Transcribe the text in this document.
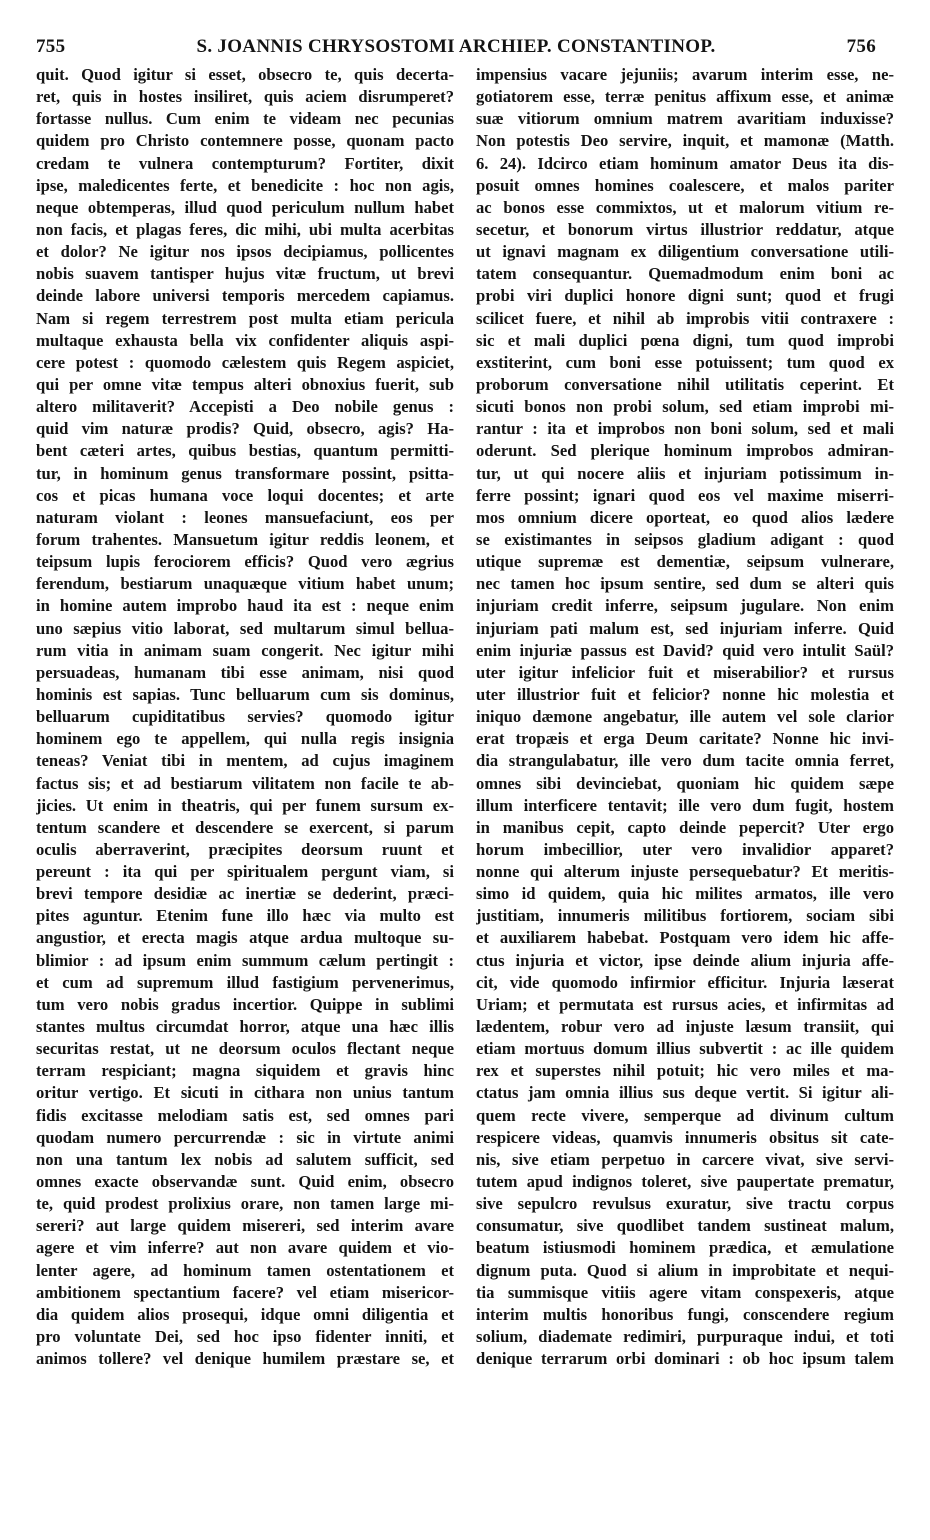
755	S. JOANNIS CHRYSOSTOMI ARCHIEP. CONSTANTINOP.	756
quit. Quod igitur si esset, obsecro te, quis decerta-
ret, quis in hostes insiliret, quis aciem disrumperet?
fortasse nullus. Cum enim te videam nec pecunias
quidem pro Christo contemnere posse, quonam pacto
credam te vulnera contempturum? Fortiter, dixit
ipse, maledicentes ferte, et benedicite : hoc non agis,
neque obtemperas, illud quod periculum nullum habet
non facis, et plagas feres, dic mihi, ubi multa acerbitas
et dolor? Ne igitur nos ipsos decipiamus, pollicentes
nobis suavem tantisper hujus vitæ fructum, ut brevi
deinde labore universi temporis mercedem capiamus.
Nam si regem terrestrem post multa etiam pericula
multaque exhausta bella vix confidenter aliquis aspi-
cere potest : quomodo cælestem quis Regem aspiciet,
qui per omne vitæ tempus alteri obnoxius fuerit, sub
altero militaverit? Accepisti a Deo nobile genus :
quid vim naturæ prodis? Quid, obsecro, agis? Ha-
bent cæteri artes, quibus bestias, quantum permitti-
tur, in hominum genus transformare possint, psitta-
cos et picas humana voce loqui docentes; et arte
naturam violant : leones mansuefaciunt, eos per
forum trahentes. Mansuetum igitur reddis leonem, et
teipsum lupis ferociorem efficis? Quod vero ægrius
ferendum, bestiarum unaquæque vitium habet unum;
in homine autem improbo haud ita est : neque enim
uno sæpius vitio laborat, sed multarum simul bellua-
rum vitia in animam suam congerit. Nec igitur mihi
persuadeas, humanam tibi esse animam, nisi quod
hominis est sapias. Tunc belluarum cum sis dominus,
belluarum cupiditatibus servies? quomodo igitur
hominem ego te appellem, qui nulla regis insignia
teneas? Veniat tibi in mentem, ad cujus imaginem
factus sis; et ad bestiarum vilitatem non facile te ab-
jicies. Ut enim in theatris, qui per funem sursum ex-
tentum scandere et descendere se exercent, si parum
oculis aberraverint, præcipites deorsum ruunt et
pereunt : ita qui per spiritualem pergunt viam, si
brevi tempore desidiæ ac inertiæ se dederint, præci-
pites aguntur. Etenim fune illo hæc via multo est
angustior, et erecta magis atque ardua multoque su-
blimior : ad ipsum enim summum cælum pertingit :
et cum ad supremum illud fastigium pervenerimus,
tum vero nobis gradus incertior. Quippe in sublimi
stantes multus circumdat horror, atque una hæc illis
securitas restat, ut ne deorsum oculos flectant neque
terram respiciant; magna siquidem et gravis hinc
oritur vertigo. Et sicuti in cithara non unius tantum
fidis excitasse melodiam satis est, sed omnes pari
quodam numero percurrendæ : sic in virtute animi
non una tantum lex nobis ad salutem sufficit, sed
omnes exacte observandæ sunt. Quid enim, obsecro
te, quid prodest prolixius orare, non tamen large mi-
sereri? aut large quidem misereri, sed interim avare
agere et vim inferre? aut non avare quidem et vio-
lenter agere, ad hominum tamen ostentationem et
ambitionem spectantium facere? vel etiam misericor-
dia quidem alios prosequi, idque omni diligentia et
pro voluntate Dei, sed hoc ipso fidenter inniti, et
animos tollere? vel denique humilem præstare se, et
impensius vacare jejuniis; avarum interim esse, ne-
gotiatorem esse, terræ penitus affixum esse, et animæ
suæ vitiorum omnium matrem avaritiam induxisse?
Non potestis Deo servire, inquit, et mamonæ (Matth.
6. 24). Idcirco etiam hominum amator Deus ita dis-
posuit omnes homines coalescere, et malos pariter
ac bonos esse commixtos, ut et malorum vitium re-
secetur, et bonorum virtus illustrior reddatur, atque
ut ignavi magnam ex diligentium conversatione utili-
tatem consequantur. Quemadmodum enim boni ac
probi viri duplici honore digni sunt; quod et frugi
scilicet fuere, et nihil ab improbis vitii contraxere :
sic et mali duplici pœna digni, tum quod improbi
exstiterint, cum boni esse potuissent; tum quod ex
proborum conversatione nihil utilitatis ceperint. Et
sicuti bonos non probi solum, sed etiam improbi mi-
rantur : ita et improbos non boni solum, sed et mali
oderunt. Sed plerique hominum improbos admiran-
tur, ut qui nocere aliis et injuriam potissimum in-
ferre possint; ignari quod eos vel maxime miserri-
mos omnium dicere oporteat, eo quod alios lædere
se existimantes in seipsos gladium adigant : quod
utique supremæ est dementiæ, seipsum vulnerare,
nec tamen hoc ipsum sentire, sed dum se alteri quis
injuriam credit inferre, seipsum jugulare. Non enim
injuriam pati malum est, sed injuriam inferre. Quid
enim injuriæ passus est David? quid vero intulit Saül?
uter igitur infelicior fuit et miserabilior? et rursus
uter illustrior fuit et felicior? nonne hic molestia et
iniquo dæmone angebatur, ille autem vel sole clarior
erat tropæis et erga Deum caritate? Nonne hic invi-
dia strangulabatur, ille vero dum tacite omnia ferret,
omnes sibi devinciebat, quoniam hic quidem sæpe
illum interficere tentavit; ille vero dum fugit, hostem
in manibus cepit, capto deinde pepercit? Uter ergo
horum imbecillior, uter vero invalidior apparet?
nonne qui alterum injuste persequebatur? Et meritis-
simo id quidem, quia hic milites armatos, ille vero
justitiam, innumeris militibus fortiorem, sociam sibi
et auxiliarem habebat. Postquam vero idem hic affe-
ctus injuria et victor, ipse deinde alium injuria affe-
cit, vide quomodo infirmior efficitur. Injuria læserat
Uriam; et permutata est rursus acies, et infirmitas ad
lædentem, robur vero ad injuste læsum transiit, qui
etiam mortuus domum illius subvertit : ac ille quidem
rex et superstes nihil potuit; hic vero miles et ma-
ctatus jam omnia illius sus deque vertit. Si igitur ali-
quem recte vivere, semperque ad divinum cultum
respicere videas, quamvis innumeris obsitus sit cate-
nis, sive etiam perpetuo in carcere vivat, sive servi-
tutem apud indignos toleret, sive paupertate prematur,
sive sepulcro revulsus exuratur, sive tractu corpus
consumatur, sive quodlibet tandem sustineat malum,
beatum istiusmodi hominem prædica, et æmulatione
dignum puta. Quod si alium in improbitate et nequi-
tia summisque vitiis agere vitam conspexeris, atque
interim multis honoribus fungi, conscendere regium
solium, diademate redimiri, purpuraque indui, et toti
denique terrarum orbi dominari : ob hoc ipsum talem
